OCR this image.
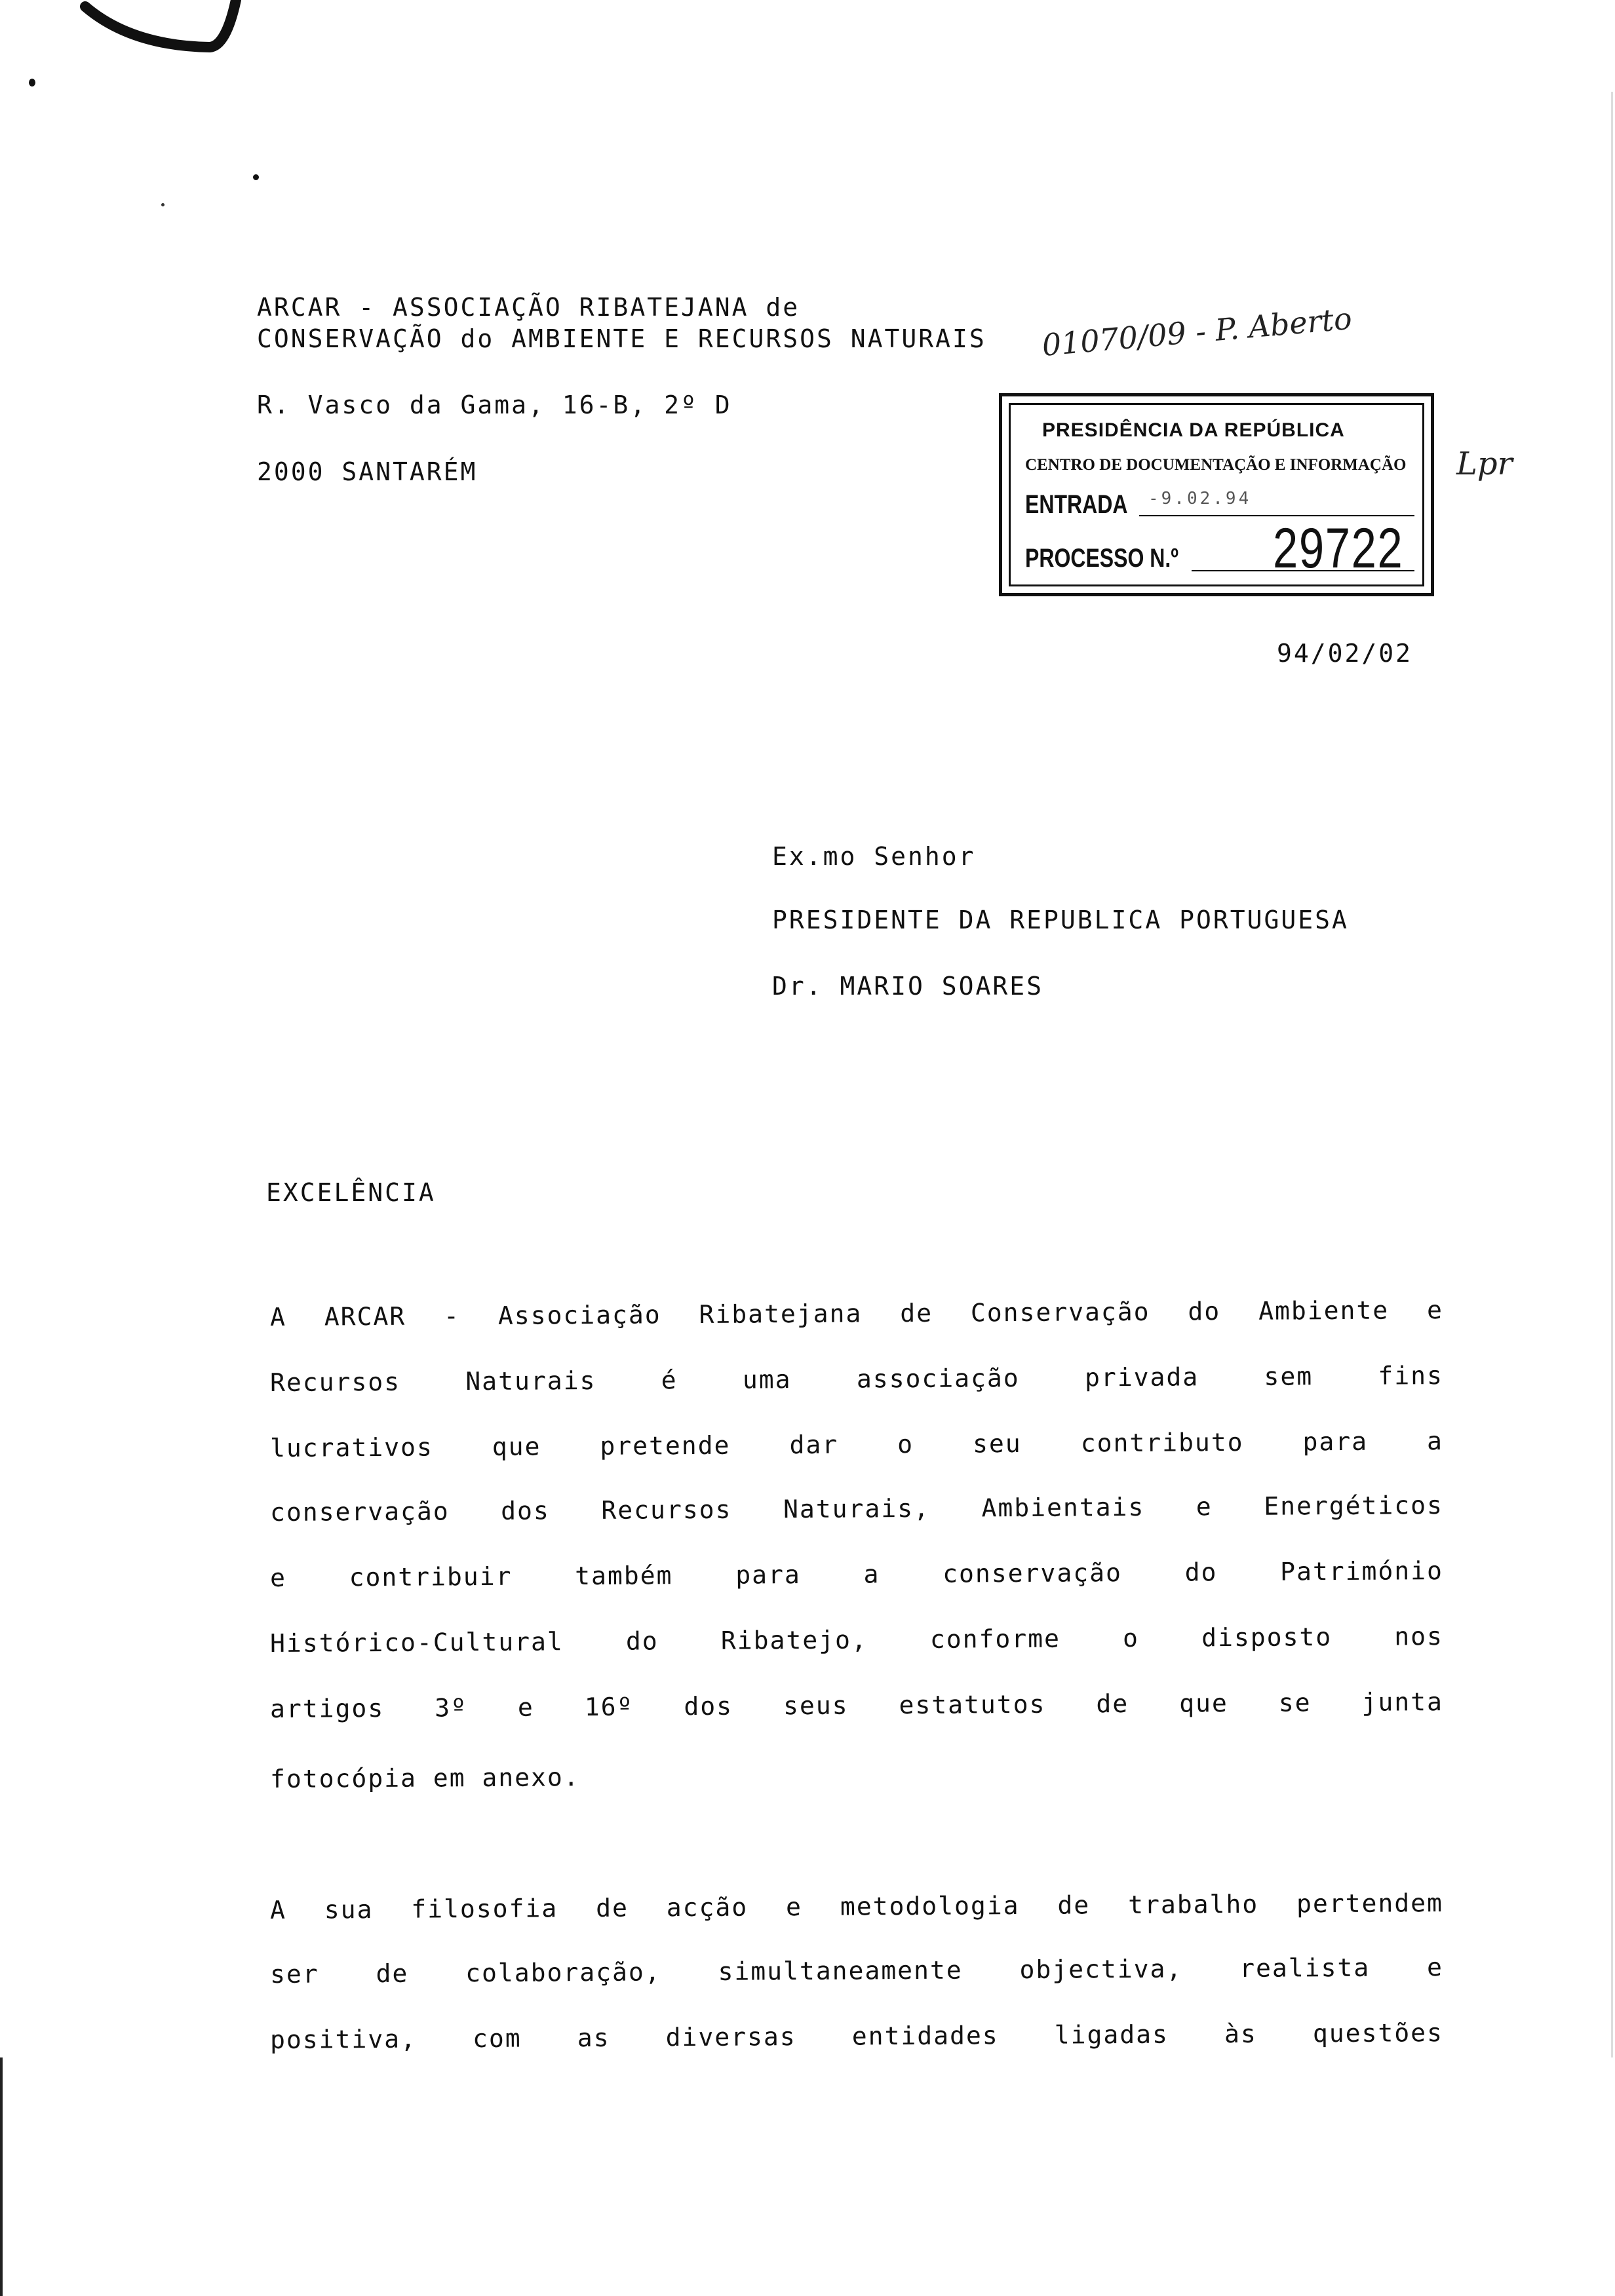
ARCAR - ASSOCIAÇÃO RIBATEJANA de
CONSERVAÇÃO do AMBIENTE E RECURSOS NATURAIS
R. Vasco da Gama, 16-B, 2º D
2000 SANTARÉM
01070/09 - P. Aberto
Lpr
PRESIDÊNCIA DA REPÚBLICA
CENTRO DE DOCUMENTAÇÃO E INFORMAÇÃO
ENTRADA -9.02.94
PROCESSO N.º 29722
94/02/02
Ex.mo Senhor
PRESIDENTE DA REPUBLICA PORTUGUESA
Dr. MARIO SOARES
EXCELÊNCIA
A ARCAR - Associação Ribatejana de Conservação do Ambiente e
Recursos Naturais é uma associação privada sem fins
lucrativos que pretende dar o seu contributo para a
conservação dos Recursos Naturais, Ambientais e Energéticos
e contribuir também para a conservação do Património
Histórico-Cultural do Ribatejo, conforme o disposto nos
artigos 3º e 16º dos seus estatutos de que se junta
fotocópia em anexo.
A sua filosofia de acção e metodologia de trabalho pertendem
ser de colaboração, simultaneamente objectiva, realista e
positiva, com as diversas entidades ligadas às questões
